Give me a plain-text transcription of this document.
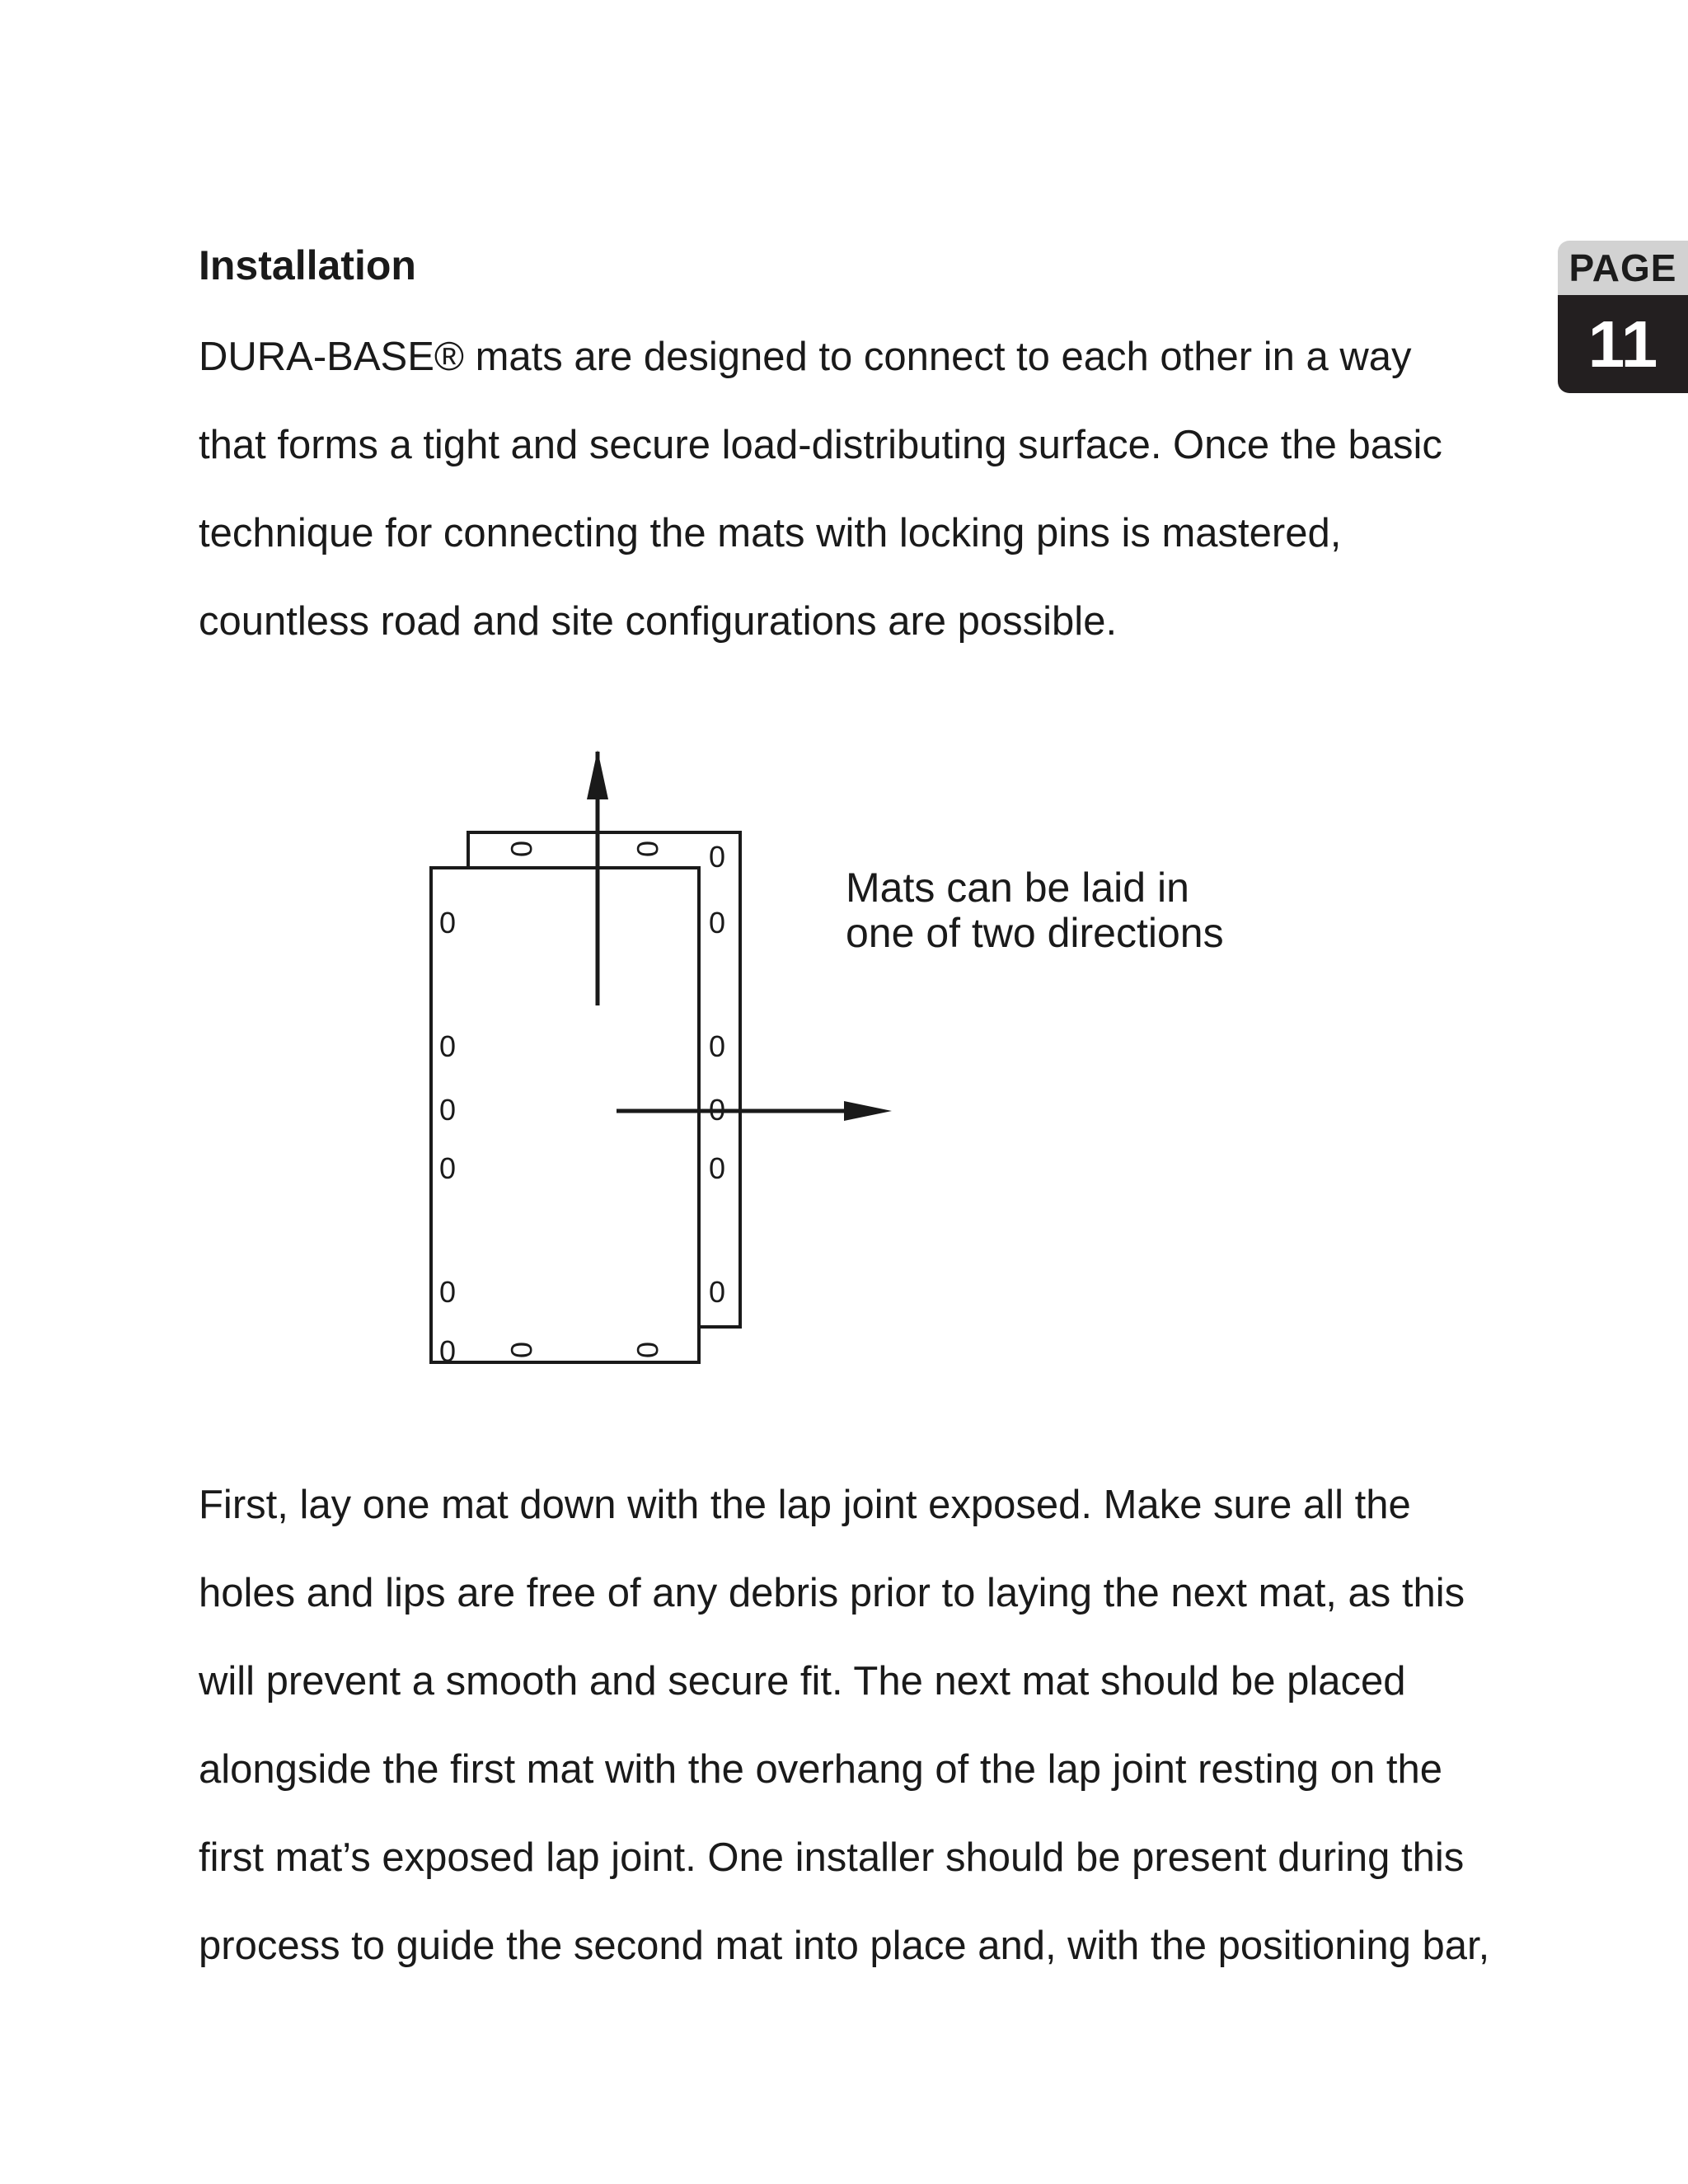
PAGE
11
Installation

DURA-BASE® mats are designed to connect to each other in a way
that forms a tight and secure load-distributing surface. Once the basic
technique for connecting the mats with locking pins is mastered,
countless road and site configurations are possible.

0
0
0
0
0
0
0
0
0
0
0
0
0	0
0	0
Mats can be laid in
one of two directions

First, lay one mat down with the lap joint exposed. Make sure all the
holes and lips are free of any debris prior to laying the next mat, as this
will prevent a smooth and secure fit. The next mat should be placed
alongside the first mat with the overhang of the lap joint resting on the
first mat’s exposed lap joint. One installer should be present during this
process to guide the second mat into place and, with the positioning bar,
